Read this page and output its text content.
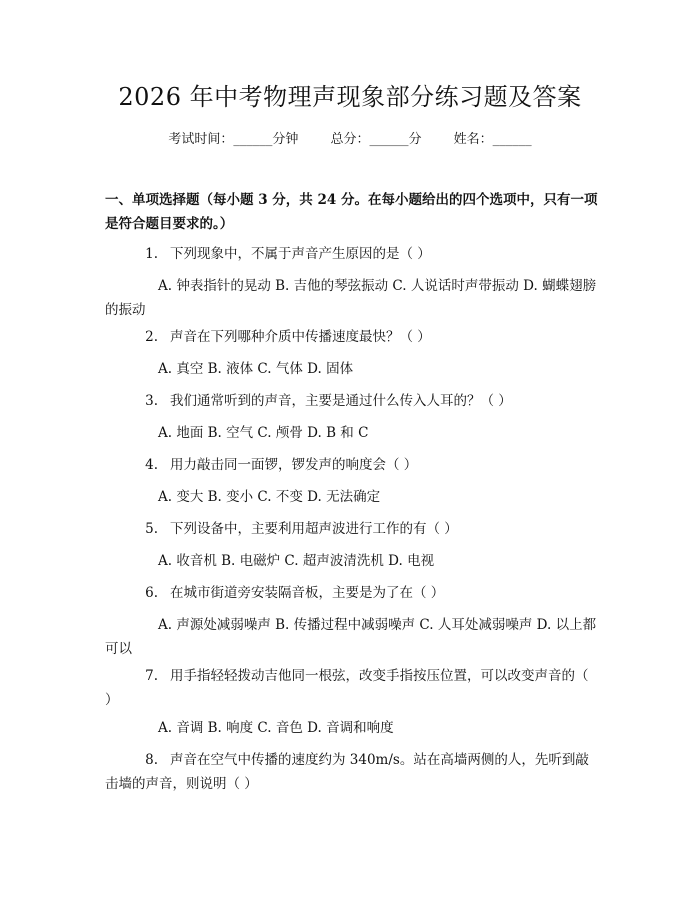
2026 年中考物理声现象部分练习题及答案
考试时间：______分钟 总分：______分 姓名：______
一、单项选择题（每小题 3 分，共 24 分。在每小题给出的四个选项中，只有一项是符合题目要求的。）
1. 下列现象中，不属于声音产生原因的是（ ）
A. 钟表指针的晃动 B. 吉他的琴弦振动 C. 人说话时声带振动 D. 蝴蝶翅膀的振动
2. 声音在下列哪种介质中传播速度最快？（ ）
A. 真空 B. 液体 C. 气体 D. 固体
3. 我们通常听到的声音，主要是通过什么传入人耳的？（ ）
A. 地面 B. 空气 C. 颅骨 D. B 和 C
4. 用力敲击同一面锣，锣发声的响度会（ ）
A. 变大 B. 变小 C. 不变 D. 无法确定
5. 下列设备中，主要利用超声波进行工作的有（ ）
A. 收音机 B. 电磁炉 C. 超声波清洗机 D. 电视
6. 在城市街道旁安装隔音板，主要是为了在（ ）
A. 声源处减弱噪声 B. 传播过程中减弱噪声 C. 人耳处减弱噪声 D. 以上都可以
7. 用手指轻轻拨动吉他同一根弦，改变手指按压位置，可以改变声音的（ ）
A. 音调 B. 响度 C. 音色 D. 音调和响度
8. 声音在空气中传播的速度约为 340m/s。站在高墙两侧的人，先听到敲击墙的声音，则说明（ ）
